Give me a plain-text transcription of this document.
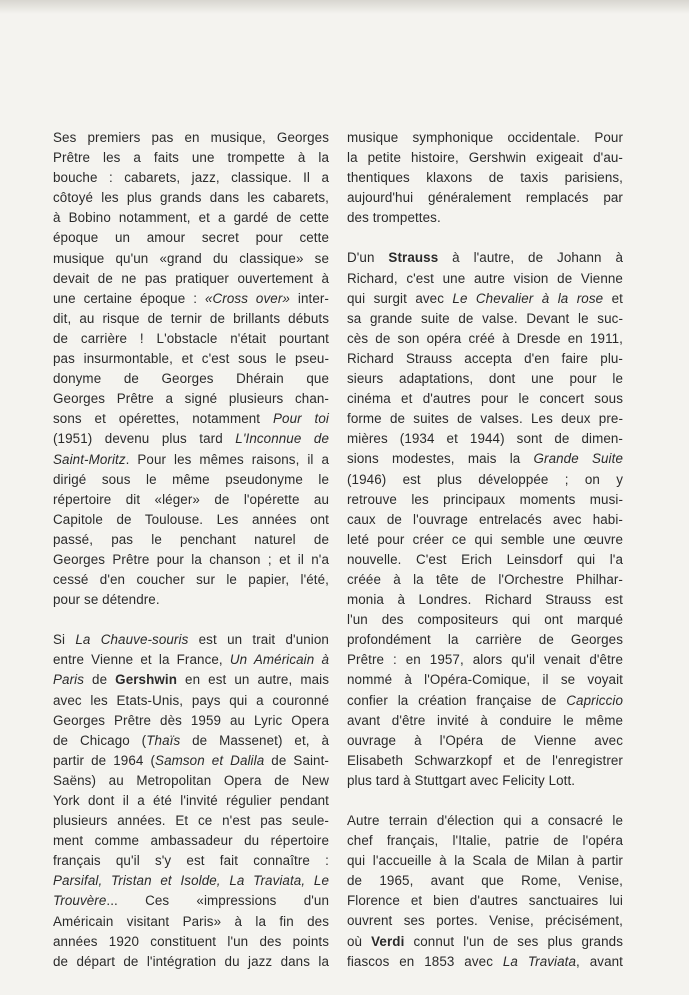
Ses premiers pas en musique, Georges
Prêtre les a faits une trompette à la
bouche : cabarets, jazz, classique. Il a
côtoyé les plus grands dans les cabarets,
à Bobino notamment, et a gardé de cette
époque un amour secret pour cette
musique qu'un «grand du classique» se
devait de ne pas pratiquer ouvertement à
une certaine époque : «Cross over» inter-
dit, au risque de ternir de brillants débuts
de carrière ! L'obstacle n'était pourtant
pas insurmontable, et c'est sous le pseu-
donyme de Georges Dhérain que
Georges Prêtre a signé plusieurs chan-
sons et opérettes, notamment Pour toi
(1951) devenu plus tard L'Inconnue de
Saint-Moritz. Pour les mêmes raisons, il a
dirigé sous le même pseudonyme le
répertoire dit «léger» de l'opérette au
Capitole de Toulouse. Les années ont
passé, pas le penchant naturel de
Georges Prêtre pour la chanson ; et il n'a
cessé d'en coucher sur le papier, l'été,
pour se détendre.

Si La Chauve-souris est un trait d'union
entre Vienne et la France, Un Américain à
Paris de Gershwin en est un autre, mais
avec les Etats-Unis, pays qui a couronné
Georges Prêtre dès 1959 au Lyric Opera
de Chicago (Thaïs de Massenet) et, à
partir de 1964 (Samson et Dalila de Saint-
Saëns) au Metropolitan Opera de New
York dont il a été l'invité régulier pendant
plusieurs années. Et ce n'est pas seule-
ment comme ambassadeur du répertoire
français qu'il s'y est fait connaître :
Parsifal, Tristan et Isolde, La Traviata, Le
Trouvère... Ces «impressions d'un
Américain visitant Paris» à la fin des
années 1920 constituent l'un des points
de départ de l'intégration du jazz dans la

musique symphonique occidentale. Pour
la petite histoire, Gershwin exigeait d'au-
thentiques klaxons de taxis parisiens,
aujourd'hui généralement remplacés par
des trompettes.

D'un Strauss à l'autre, de Johann à
Richard, c'est une autre vision de Vienne
qui surgit avec Le Chevalier à la rose et
sa grande suite de valse. Devant le suc-
cès de son opéra créé à Dresde en 1911,
Richard Strauss accepta d'en faire plu-
sieurs adaptations, dont une pour le
cinéma et d'autres pour le concert sous
forme de suites de valses. Les deux pre-
mières (1934 et 1944) sont de dimen-
sions modestes, mais la Grande Suite
(1946) est plus développée ; on y
retrouve les principaux moments musi-
caux de l'ouvrage entrelacés avec habi-
leté pour créer ce qui semble une œuvre
nouvelle. C'est Erich Leinsdorf qui l'a
créée à la tête de l'Orchestre Philhar-
monia à Londres. Richard Strauss est
l'un des compositeurs qui ont marqué
profondément la carrière de Georges
Prêtre : en 1957, alors qu'il venait d'être
nommé à l'Opéra-Comique, il se voyait
confier la création française de Capriccio
avant d'être invité à conduire le même
ouvrage à l'Opéra de Vienne avec
Elisabeth Schwarzkopf et de l'enregistrer
plus tard à Stuttgart avec Felicity Lott.

Autre terrain d'élection qui a consacré le
chef français, l'Italie, patrie de l'opéra
qui l'accueille à la Scala de Milan à partir
de 1965, avant que Rome, Venise,
Florence et bien d'autres sanctuaires lui
ouvrent ses portes. Venise, précisément,
où Verdi connut l'un de ses plus grands
fiascos en 1853 avec La Traviata, avant
